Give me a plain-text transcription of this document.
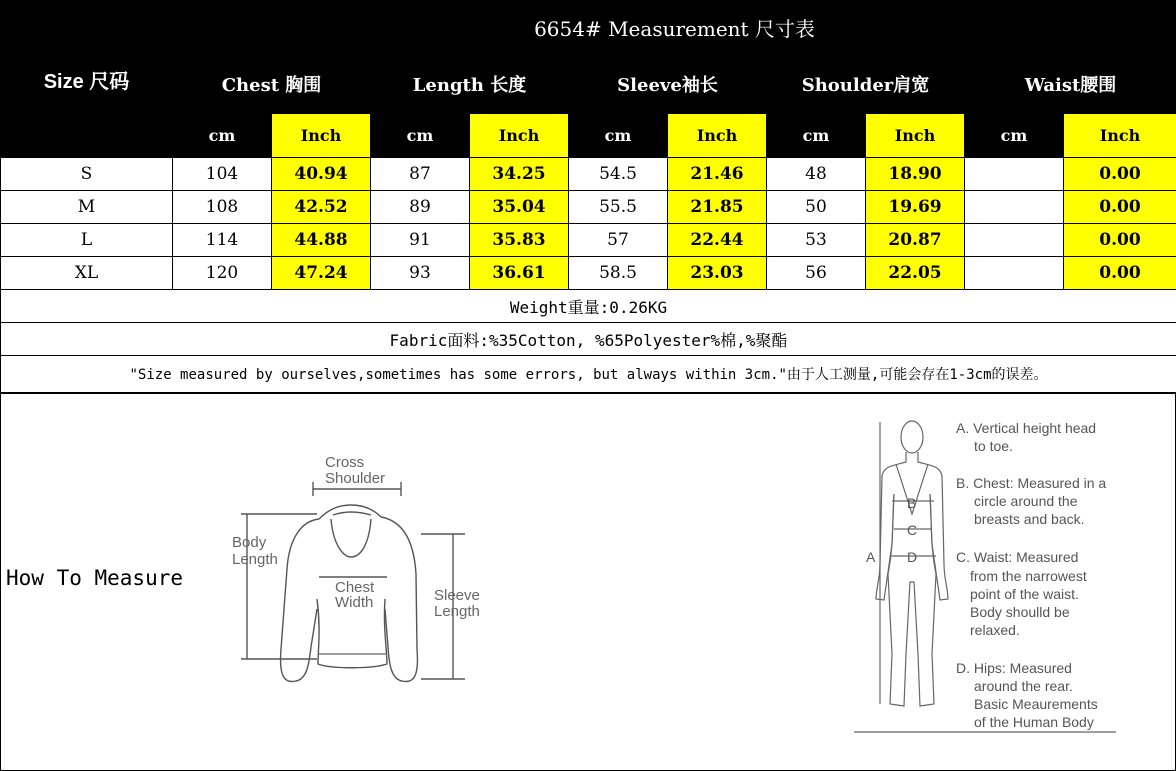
Size 尺码	6654# Measurement 尺寸表									
	Chest 胸围		Length 长度		Sleeve袖长		Shoulder肩宽		Waist腰围	
	cm	Inch	cm	Inch	cm	Inch	cm	Inch	cm	Inch
S	104	40.94	87	34.25	54.5	21.46	48	18.90		0.00
M	108	42.52	89	35.04	55.5	21.85	50	19.69		0.00
L	114	44.88	91	35.83	57	22.44	53	20.87		0.00
XL	120	47.24	93	36.61	58.5	23.03	56	22.05		0.00
Weight重量:0.26KG										
Fabric面料:%35Cotton, %65Polyester%棉,%聚酯										
"Size measured by ourselves,sometimes has some errors, but always within 3cm."由于人工测量,可能会存在1-3cm的误差。										
How To Measure
Cross
Shoulder
Body
Length
Chest
Width	Sleeve
Length
A
B
C
D
A. Vertical height head
to toe.
B. Chest: Measured in a
circle around the
breasts and back.
C. Waist: Measured
from the narrowest
point of the waist.
Body shoulld be
relaxed.
D. Hips: Measured
around the rear.
Basic Meaurements
of the Human Body
